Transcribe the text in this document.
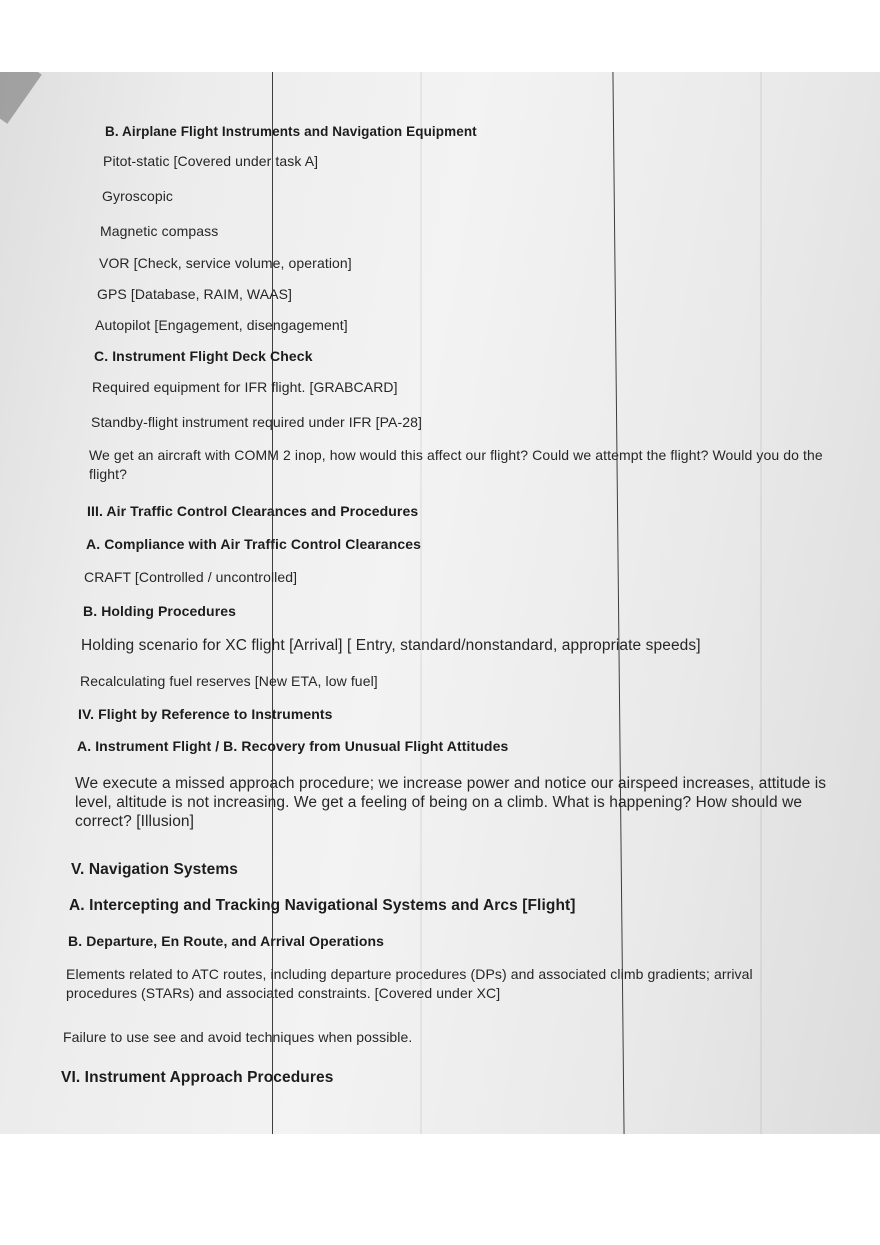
B. Airplane Flight Instruments and Navigation Equipment

Pitot-static [Covered under task A]

Gyroscopic

Magnetic compass

VOR [Check, service volume, operation]

GPS [Database, RAIM, WAAS]

Autopilot [Engagement, disengagement]

C. Instrument Flight Deck Check

Required equipment for IFR flight. [GRABCARD]

Standby-flight instrument required under IFR [PA-28]

We get an aircraft with COMM 2 inop, how would this affect our flight? Could we attempt the flight? Would you do the flight?

III. Air Traffic Control Clearances and Procedures

A. Compliance with Air Traffic Control Clearances

CRAFT [Controlled / uncontrolled]

B. Holding Procedures

Holding scenario for XC flight [Arrival] [ Entry, standard/nonstandard, appropriate speeds]

Recalculating fuel reserves [New ETA, low fuel]

IV. Flight by Reference to Instruments

A. Instrument Flight / B. Recovery from Unusual Flight Attitudes

We execute a missed approach procedure; we increase power and notice our airspeed increases, attitude is level, altitude is not increasing. We get a feeling of being on a climb. What is happening? How should we correct? [Illusion]

V. Navigation Systems

A. Intercepting and Tracking Navigational Systems and Arcs [Flight]

B. Departure, En Route, and Arrival Operations

Elements related to ATC routes, including departure procedures (DPs) and associated climb gradients; arrival procedures (STARs) and associated constraints. [Covered under XC]

Failure to use see and avoid techniques when possible.

VI. Instrument Approach Procedures
